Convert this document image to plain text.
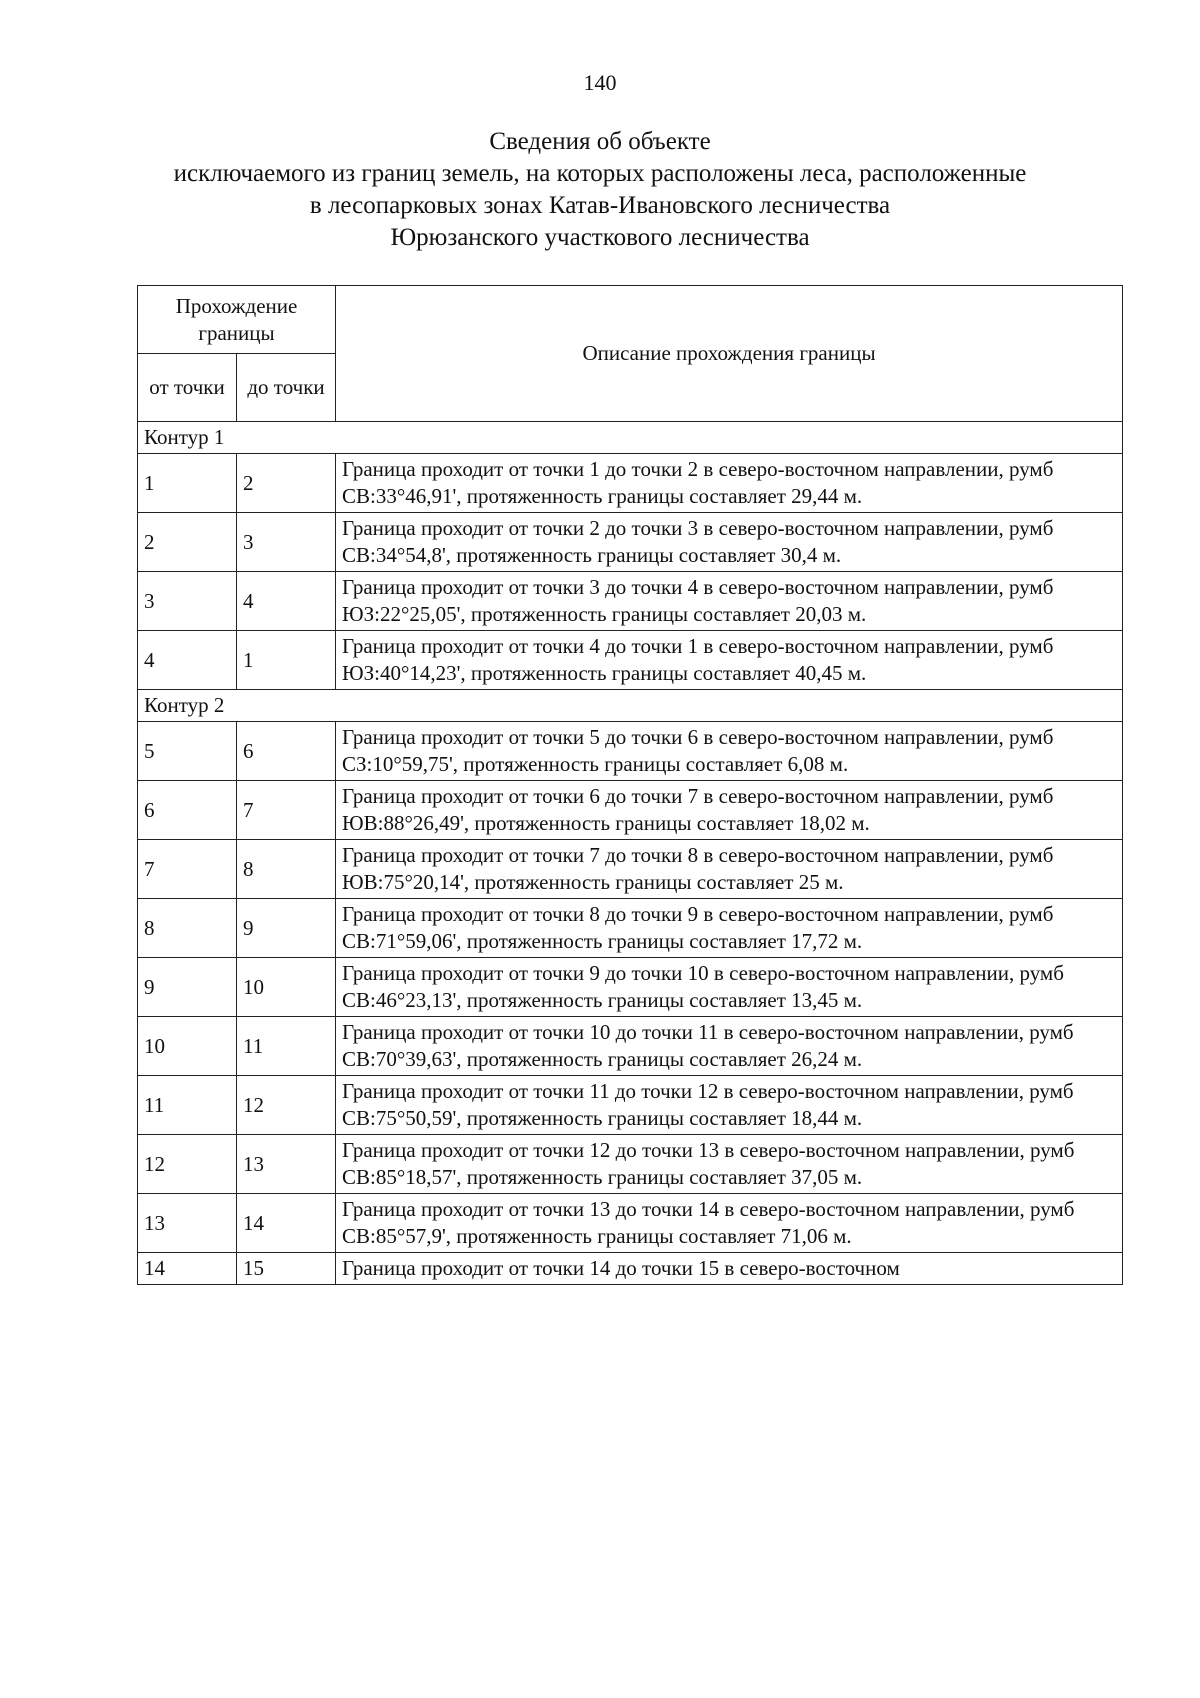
140
Сведения об объекте
исключаемого из границ земель, на которых расположены леса, расположенные
в лесопарковых зонах Катав-Ивановского лесничества
Юрюзанского участкового лесничества
Прохождение границы		Описание прохождения границы
от точки	до точки	
Контур 1		
1	2	Граница проходит от точки 1 до точки 2 в северо-восточном направлении, румб СВ:33°46,91', протяженность границы составляет 29,44 м.
2	3	Граница проходит от точки 2 до точки 3 в северо-восточном направлении, румб СВ:34°54,8', протяженность границы составляет 30,4 м.
3	4	Граница проходит от точки 3 до точки 4 в северо-восточном направлении, румб ЮЗ:22°25,05', протяженность границы составляет 20,03 м.
4	1	Граница проходит от точки 4 до точки 1 в северо-восточном направлении, румб ЮЗ:40°14,23', протяженность границы составляет 40,45 м.
Контур 2		
5	6	Граница проходит от точки 5 до точки 6 в северо-восточном направлении, румб СЗ:10°59,75', протяженность границы составляет 6,08 м.
6	7	Граница проходит от точки 6 до точки 7 в северо-восточном направлении, румб ЮВ:88°26,49', протяженность границы составляет 18,02 м.
7	8	Граница проходит от точки 7 до точки 8 в северо-восточном направлении, румб ЮВ:75°20,14', протяженность границы составляет 25 м.
8	9	Граница проходит от точки 8 до точки 9 в северо-восточном направлении, румб СВ:71°59,06', протяженность границы составляет 17,72 м.
9	10	Граница проходит от точки 9 до точки 10 в северо-восточном направлении, румб СВ:46°23,13', протяженность границы составляет 13,45 м.
10	11	Граница проходит от точки 10 до точки 11 в северо-восточном направлении, румб СВ:70°39,63', протяженность границы составляет 26,24 м.
11	12	Граница проходит от точки 11 до точки 12 в северо-восточном направлении, румб СВ:75°50,59', протяженность границы составляет 18,44 м.
12	13	Граница проходит от точки 12 до точки 13 в северо-восточном направлении, румб СВ:85°18,57', протяженность границы составляет 37,05 м.
13	14	Граница проходит от точки 13 до точки 14 в северо-восточном направлении, румб СВ:85°57,9', протяженность границы составляет 71,06 м.
14	15	Граница проходит от точки 14 до точки 15 в северо-восточном
